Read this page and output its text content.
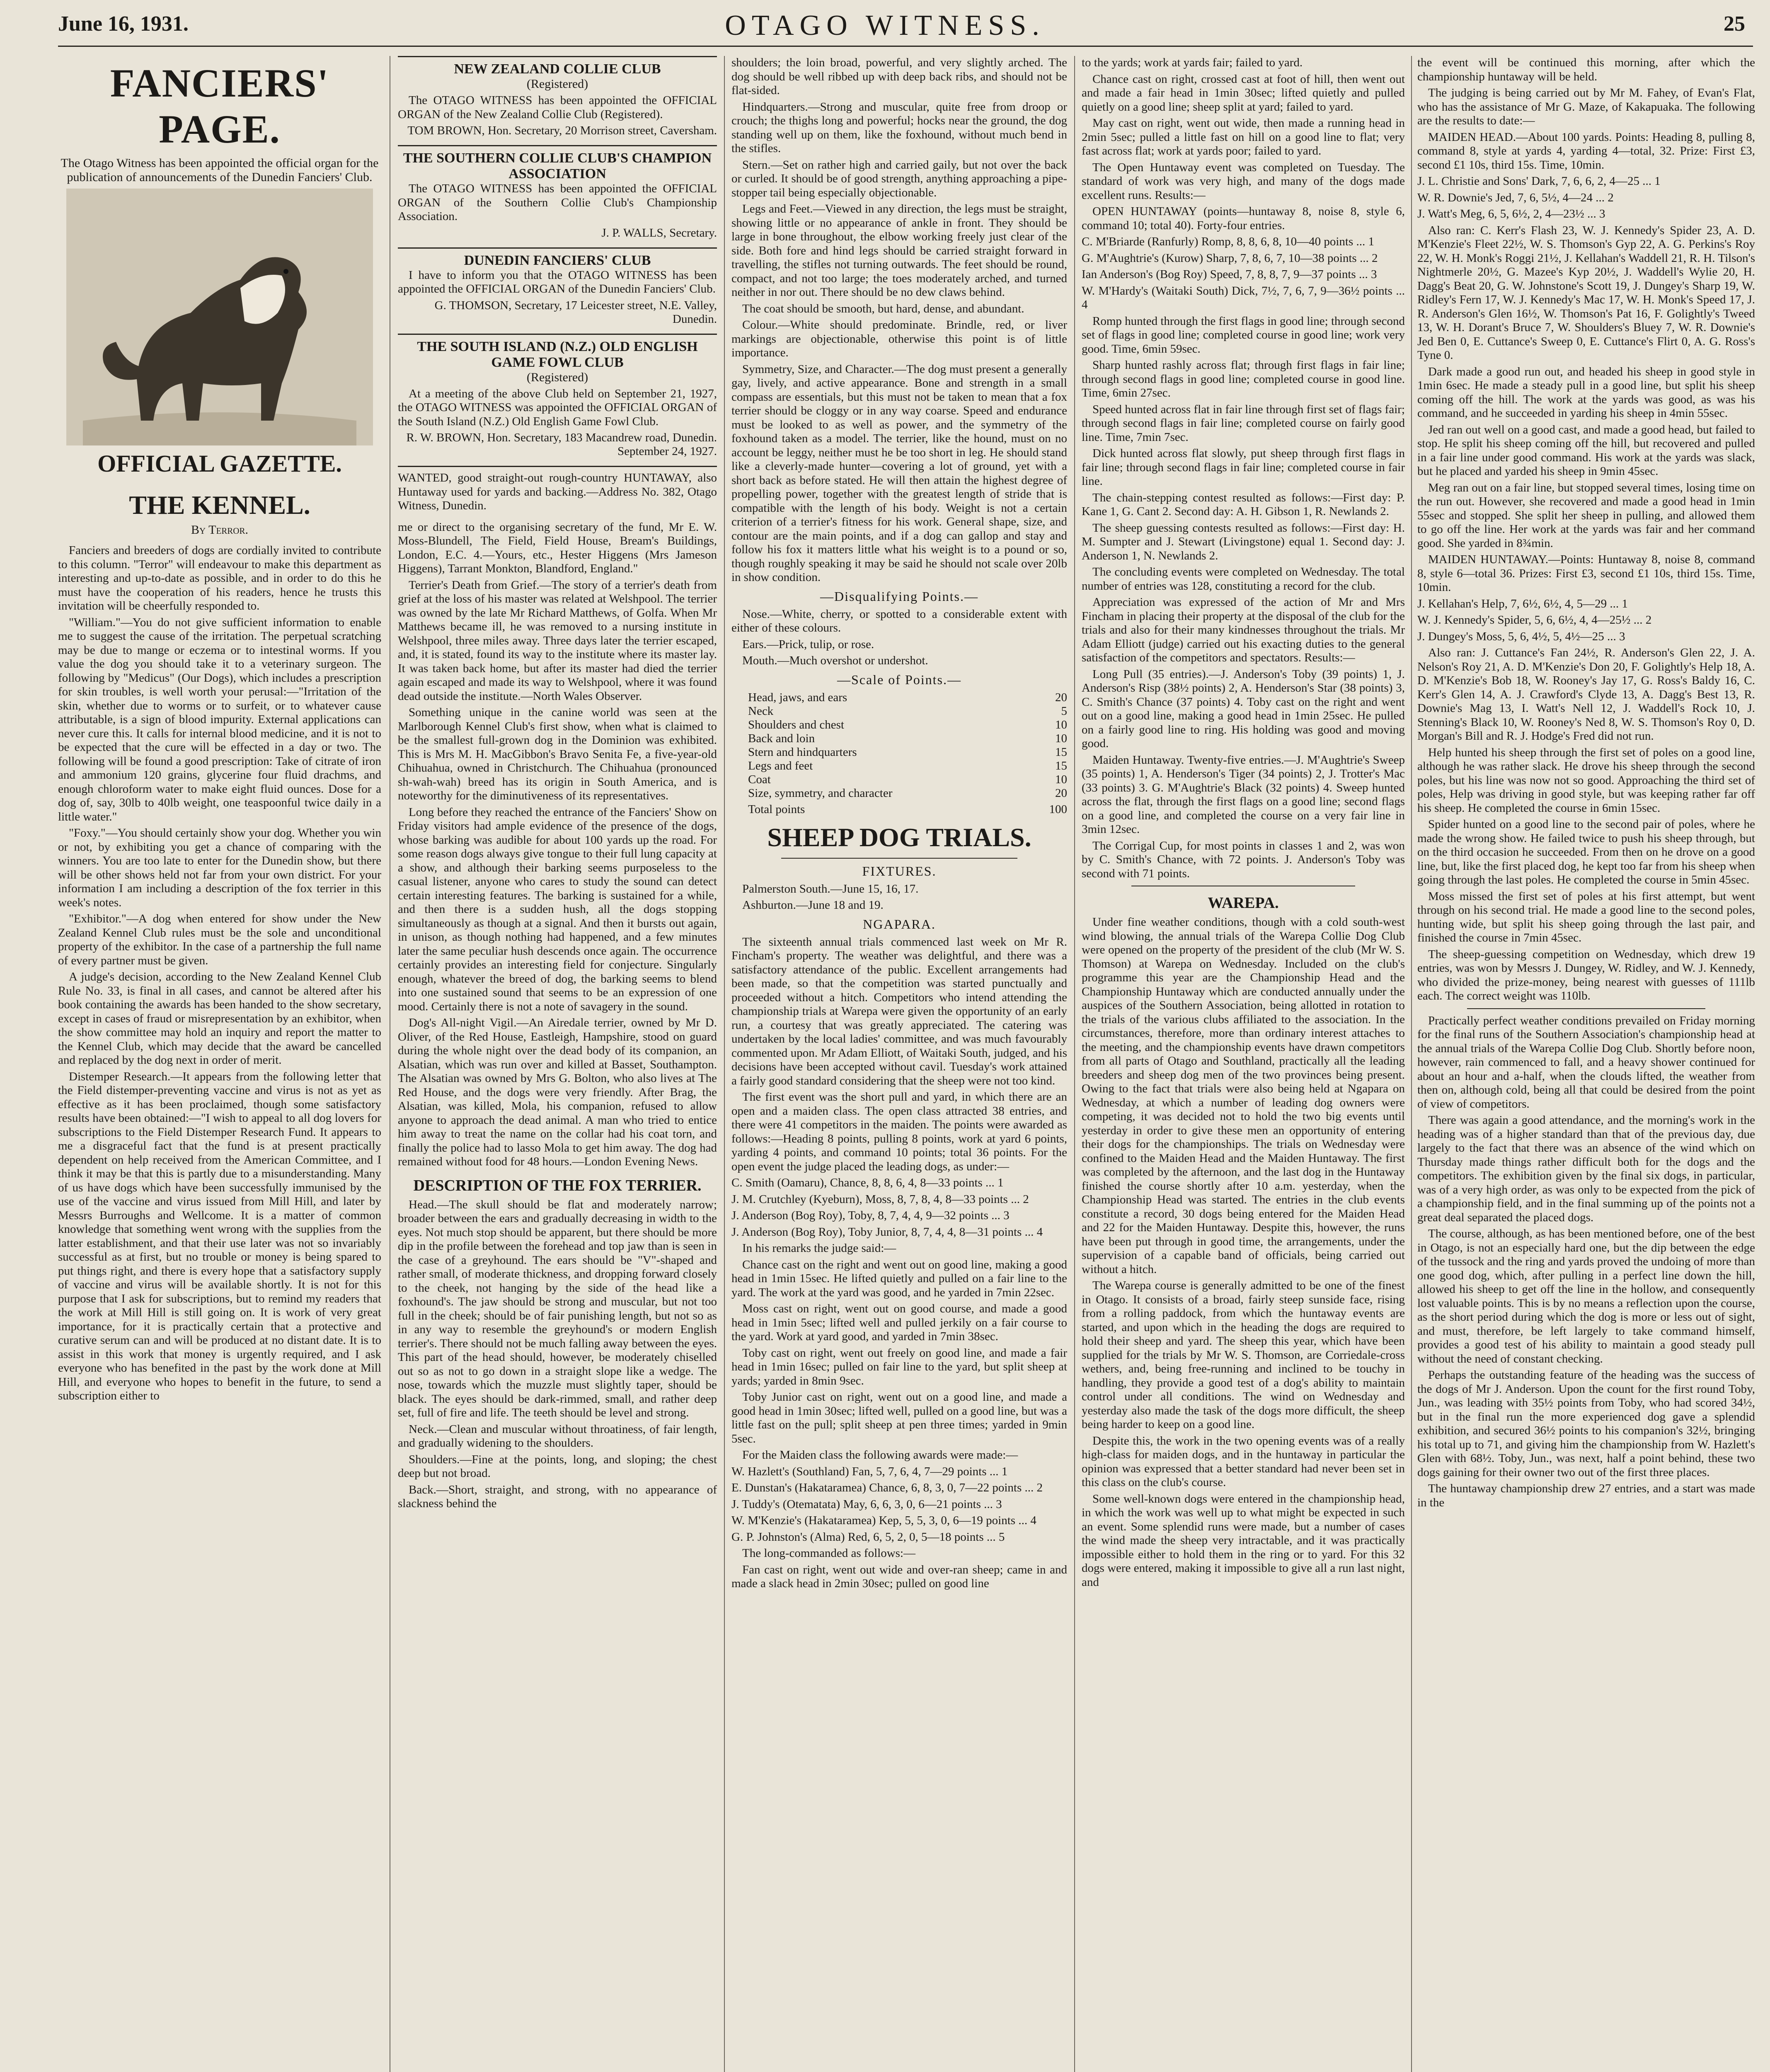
June 16, 1931.	OTAGO WITNESS.	25
FANCIERS' PAGE.
The Otago Witness has been appointed the official organ for the publication of announcements of the Dunedin Fanciers' Club.
OFFICIAL GAZETTE.
THE KENNEL.
By Terror.

Fanciers and breeders of dogs are cordially invited to contribute to this column. "Terror" will endeavour to make this department as interesting and up-to-date as possible, and in order to do this he must have the cooperation of his readers, hence he trusts this invitation will be cheerfully responded to.

"William."—You do not give sufficient information to enable me to suggest the cause of the irritation. The perpetual scratching may be due to mange or eczema or to intestinal worms. If you value the dog you should take it to a veterinary surgeon. The following by "Medicus" (Our Dogs), which includes a prescription for skin troubles, is well worth your perusal:—"Irritation of the skin, whether due to worms or to surfeit, or to whatever cause attributable, is a sign of blood impurity. External applications can never cure this. It calls for internal blood medicine, and it is not to be expected that the cure will be effected in a day or two. The following will be found a good prescription: Take of citrate of iron and ammonium 120 grains, glycerine four fluid drachms, and enough chloroform water to make eight fluid ounces. Dose for a dog of, say, 30lb to 40lb weight, one teaspoonful twice daily in a little water."

"Foxy."—You should certainly show your dog. Whether you win or not, by exhibiting you get a chance of comparing with the winners. You are too late to enter for the Dunedin show, but there will be other shows held not far from your own district. For your information I am including a description of the fox terrier in this week's notes.

"Exhibitor."—A dog when entered for show under the New Zealand Kennel Club rules must be the sole and unconditional property of the exhibitor. In the case of a partnership the full name of every partner must be given.

A judge's decision, according to the New Zealand Kennel Club Rule No. 33, is final in all cases, and cannot be altered after his book containing the awards has been handed to the show secretary, except in cases of fraud or misrepresentation by an exhibitor, when the show committee may hold an inquiry and report the matter to the Kennel Club, which may decide that the award be cancelled and replaced by the dog next in order of merit.

Distemper Research.—It appears from the following letter that the Field distemper-preventing vaccine and virus is not as yet as effective as it has been proclaimed, though some satisfactory results have been obtained:—"I wish to appeal to all dog lovers for subscriptions to the Field Distemper Research Fund. It appears to me a disgraceful fact that the fund is at present practically dependent on help received from the American Committee, and I think it may be that this is partly due to a misunderstanding. Many of us have dogs which have been successfully immunised by the use of the vaccine and virus issued from Mill Hill, and later by Messrs Burroughs and Wellcome. It is a matter of common knowledge that something went wrong with the supplies from the latter establishment, and that their use later was not so invariably successful as at first, but no trouble or money is being spared to put things right, and there is every hope that a satisfactory supply of vaccine and virus will be available shortly. It is not for this purpose that I ask for subscriptions, but to remind my readers that the work at Mill Hill is still going on. It is work of very great importance, for it is practically certain that a protective and curative serum can and will be produced at no distant date. It is to assist in this work that money is urgently required, and I ask everyone who has benefited in the past by the work done at Mill Hill, and everyone who hopes to benefit in the future, to send a subscription either to

NEW ZEALAND COLLIE CLUB
(Registered)

The OTAGO WITNESS has been appointed the OFFICIAL ORGAN of the New Zealand Collie Club (Registered).

TOM BROWN, Hon. Secretary, 20 Morrison street, Caversham.
THE SOUTHERN COLLIE CLUB'S CHAMPION ASSOCIATION

The OTAGO WITNESS has been appointed the OFFICIAL ORGAN of the Southern Collie Club's Championship Association.

J. P. WALLS, Secretary.
DUNEDIN FANCIERS' CLUB

I have to inform you that the OTAGO WITNESS has been appointed the OFFICIAL ORGAN of the Dunedin Fanciers' Club.

G. THOMSON, Secretary, 17 Leicester street, N.E. Valley, Dunedin.
THE SOUTH ISLAND (N.Z.) OLD ENGLISH GAME FOWL CLUB
(Registered)

At a meeting of the above Club held on September 21, 1927, the OTAGO WITNESS was appointed the OFFICIAL ORGAN of the South Island (N.Z.) Old English Game Fowl Club.

R. W. BROWN, Hon. Secretary, 183 Macandrew road, Dunedin. September 24, 1927.

WANTED, good straight-out rough-country HUNTAWAY, also Huntaway used for yards and backing.—Address No. 382, Otago Witness, Dunedin.

me or direct to the organising secretary of the fund, Mr E. W. Moss-Blundell, The Field, Field House, Bream's Buildings, London, E.C. 4.—Yours, etc., Hester Higgens (Mrs Jameson Higgens), Tarrant Monkton, Blandford, England."

Terrier's Death from Grief.—The story of a terrier's death from grief at the loss of his master was related at Welshpool. The terrier was owned by the late Mr Richard Matthews, of Golfa. When Mr Matthews became ill, he was removed to a nursing institute in Welshpool, three miles away. Three days later the terrier escaped, and, it is stated, found its way to the institute where its master lay. It was taken back home, but after its master had died the terrier again escaped and made its way to Welshpool, where it was found dead outside the institute.—North Wales Observer.

Something unique in the canine world was seen at the Marlborough Kennel Club's first show, when what is claimed to be the smallest full-grown dog in the Dominion was exhibited. This is Mrs M. H. MacGibbon's Bravo Senita Fe, a five-year-old Chihuahua, owned in Christchurch. The Chihuahua (pronounced sh-wah-wah) breed has its origin in South America, and is noteworthy for the diminutiveness of its representatives.

Long before they reached the entrance of the Fanciers' Show on Friday visitors had ample evidence of the presence of the dogs, whose barking was audible for about 100 yards up the road. For some reason dogs always give tongue to their full lung capacity at a show, and although their barking seems purposeless to the casual listener, anyone who cares to study the sound can detect certain interesting features. The barking is sustained for a while, and then there is a sudden hush, all the dogs stopping simultaneously as though at a signal. And then it bursts out again, in unison, as though nothing had happened, and a few minutes later the same peculiar hush descends once again. The occurrence certainly provides an interesting field for conjecture. Singularly enough, whatever the breed of dog, the barking seems to blend into one sustained sound that seems to be an expression of one mood. Certainly there is not a note of savagery in the sound.

Dog's All-night Vigil.—An Airedale terrier, owned by Mr D. Oliver, of the Red House, Eastleigh, Hampshire, stood on guard during the whole night over the dead body of its companion, an Alsatian, which was run over and killed at Basset, Southampton. The Alsatian was owned by Mrs G. Bolton, who also lives at The Red House, and the dogs were very friendly. After Brag, the Alsatian, was killed, Mola, his companion, refused to allow anyone to approach the dead animal. A man who tried to entice him away to treat the name on the collar had his coat torn, and finally the police had to lasso Mola to get him away. The dog had remained without food for 48 hours.—London Evening News.

DESCRIPTION OF THE FOX TERRIER.

Head.—The skull should be flat and moderately narrow; broader between the ears and gradually decreasing in width to the eyes. Not much stop should be apparent, but there should be more dip in the profile between the forehead and top jaw than is seen in the case of a greyhound. The ears should be "V"-shaped and rather small, of moderate thickness, and dropping forward closely to the cheek, not hanging by the side of the head like a foxhound's. The jaw should be strong and muscular, but not too full in the cheek; should be of fair punishing length, but not so as in any way to resemble the greyhound's or modern English terrier's. There should not be much falling away between the eyes. This part of the head should, however, be moderately chiselled out so as not to go down in a straight slope like a wedge. The nose, towards which the muzzle must slightly taper, should be black. The eyes should be dark-rimmed, small, and rather deep set, full of fire and life. The teeth should be level and strong.

Neck.—Clean and muscular without throatiness, of fair length, and gradually widening to the shoulders.

Shoulders.—Fine at the points, long, and sloping; the chest deep but not broad.

Back.—Short, straight, and strong, with no appearance of slackness behind the

shoulders; the loin broad, powerful, and very slightly arched. The dog should be well ribbed up with deep back ribs, and should not be flat-sided.

Hindquarters.—Strong and muscular, quite free from droop or crouch; the thighs long and powerful; hocks near the ground, the dog standing well up on them, like the foxhound, without much bend in the stifles.

Stern.—Set on rather high and carried gaily, but not over the back or curled. It should be of good strength, anything approaching a pipe-stopper tail being especially objectionable.

Legs and Feet.—Viewed in any direction, the legs must be straight, showing little or no appearance of ankle in front. They should be large in bone throughout, the elbow working freely just clear of the side. Both fore and hind legs should be carried straight forward in travelling, the stifles not turning outwards. The feet should be round, compact, and not too large; the toes moderately arched, and turned neither in nor out. There should be no dew claws behind.

The coat should be smooth, but hard, dense, and abundant.

Colour.—White should predominate. Brindle, red, or liver markings are objectionable, otherwise this point is of little importance.

Symmetry, Size, and Character.—The dog must present a generally gay, lively, and active appearance. Bone and strength in a small compass are essentials, but this must not be taken to mean that a fox terrier should be cloggy or in any way coarse. Speed and endurance must be looked to as well as power, and the symmetry of the foxhound taken as a model. The terrier, like the hound, must on no account be leggy, neither must he be too short in leg. He should stand like a cleverly-made hunter—covering a lot of ground, yet with a short back as before stated. He will then attain the highest degree of propelling power, together with the greatest length of stride that is compatible with the length of his body. Weight is not a certain criterion of a terrier's fitness for his work. General shape, size, and contour are the main points, and if a dog can gallop and stay and follow his fox it matters little what his weight is to a pound or so, though roughly speaking it may be said he should not scale over 20lb in show condition.

—Disqualifying Points.—

Nose.—White, cherry, or spotted to a considerable extent with either of these colours.

Ears.—Prick, tulip, or rose.

Mouth.—Much overshot or undershot.

—Scale of Points.—
Head, jaws, and ears	20
Neck	5
Shoulders and chest	10
Back and loin	10
Stern and hindquarters	15
Legs and feet	15
Coat	10
Size, symmetry, and character	20
Total points	100
SHEEP DOG TRIALS.
FIXTURES.

Palmerston South.—June 15, 16, 17.

Ashburton.—June 18 and 19.

NGAPARA.

The sixteenth annual trials commenced last week on Mr R. Fincham's property. The weather was delightful, and there was a satisfactory attendance of the public. Excellent arrangements had been made, so that the competition was started punctually and proceeded without a hitch. Competitors who intend attending the championship trials at Warepa were given the opportunity of an early run, a courtesy that was greatly appreciated. The catering was undertaken by the local ladies' committee, and was much favourably commented upon. Mr Adam Elliott, of Waitaki South, judged, and his decisions have been accepted without cavil. Tuesday's work attained a fairly good standard considering that the sheep were not too kind.

The first event was the short pull and yard, in which there are an open and a maiden class. The open class attracted 38 entries, and there were 41 competitors in the maiden. The points were awarded as follows:—Heading 8 points, pulling 8 points, work at yard 6 points, yarding 4 points, and command 10 points; total 36 points. For the open event the judge placed the leading dogs, as under:—

C. Smith (Oamaru), Chance, 8, 8, 6, 4, 8—33 points ... 1

J. M. Crutchley (Kyeburn), Moss, 8, 7, 8, 4, 8—33 points ... 2

J. Anderson (Bog Roy), Toby, 8, 7, 4, 4, 9—32 points ... 3

J. Anderson (Bog Roy), Toby Junior, 8, 7, 4, 4, 8—31 points ... 4

In his remarks the judge said:—

Chance cast on the right and went out on good line, making a good head in 1min 15sec. He lifted quietly and pulled on a fair line to the yard. The work at the yard was good, and he yarded in 7min 22sec.

Moss cast on right, went out on good course, and made a good head in 1min 5sec; lifted well and pulled jerkily on a fair course to the yard. Work at yard good, and yarded in 7min 38sec.

Toby cast on right, went out freely on good line, and made a fair head in 1min 16sec; pulled on fair line to the yard, but split sheep at yards; yarded in 8min 9sec.

Toby Junior cast on right, went out on a good line, and made a good head in 1min 30sec; lifted well, pulled on a good line, but was a little fast on the pull; split sheep at pen three times; yarded in 9min 5sec.

For the Maiden class the following awards were made:—

W. Hazlett's (Southland) Fan, 5, 7, 6, 4, 7—29 points ... 1

E. Dunstan's (Hakataramea) Chance, 6, 8, 3, 0, 7—22 points ... 2

J. Tuddy's (Otematata) May, 6, 6, 3, 0, 6—21 points ... 3

W. M'Kenzie's (Hakataramea) Kep, 5, 5, 3, 0, 6—19 points ... 4

G. P. Johnston's (Alma) Red, 6, 5, 2, 0, 5—18 points ... 5

The long-commanded as follows:—

Fan cast on right, went out wide and over-ran sheep; came in and made a slack head in 2min 30sec; pulled on good line

to the yards; work at yards fair; failed to yard.

Chance cast on right, crossed cast at foot of hill, then went out and made a fair head in 1min 30sec; lifted quietly and pulled quietly on a good line; sheep split at yard; failed to yard.

May cast on right, went out wide, then made a running head in 2min 5sec; pulled a little fast on hill on a good line to flat; very fast across flat; work at yards poor; failed to yard.

The Open Huntaway event was completed on Tuesday. The standard of work was very high, and many of the dogs made excellent runs. Results:—

OPEN HUNTAWAY (points—huntaway 8, noise 8, style 6, command 10; total 40). Forty-four entries.

C. M'Briarde (Ranfurly) Romp, 8, 8, 6, 8, 10—40 points ... 1

G. M'Aughtrie's (Kurow) Sharp, 7, 8, 6, 7, 10—38 points ... 2

Ian Anderson's (Bog Roy) Speed, 7, 8, 8, 7, 9—37 points ... 3

W. M'Hardy's (Waitaki South) Dick, 7½, 7, 6, 7, 9—36½ points ... 4

Romp hunted through the first flags in good line; through second set of flags in good line; completed course in good line; work very good. Time, 6min 59sec.

Sharp hunted rashly across flat; through first flags in fair line; through second flags in good line; completed course in good line. Time, 6min 27sec.

Speed hunted across flat in fair line through first set of flags fair; through second flags in fair line; completed course on fairly good line. Time, 7min 7sec.

Dick hunted across flat slowly, put sheep through first flags in fair line; through second flags in fair line; completed course in fair line.

The chain-stepping contest resulted as follows:—First day: P. Kane 1, G. Cant 2. Second day: A. H. Gibson 1, R. Newlands 2.

The sheep guessing contests resulted as follows:—First day: H. M. Sumpter and J. Stewart (Livingstone) equal 1. Second day: J. Anderson 1, N. Newlands 2.

The concluding events were completed on Wednesday. The total number of entries was 128, constituting a record for the club.

Appreciation was expressed of the action of Mr and Mrs Fincham in placing their property at the disposal of the club for the trials and also for their many kindnesses throughout the trials. Mr Adam Elliott (judge) carried out his exacting duties to the general satisfaction of the competitors and spectators. Results:—

Long Pull (35 entries).—J. Anderson's Toby (39 points) 1, J. Anderson's Risp (38½ points) 2, A. Henderson's Star (38 points) 3, C. Smith's Chance (37 points) 4. Toby cast on the right and went out on a good line, making a good head in 1min 25sec. He pulled on a fairly good line to ring. His holding was good and moving good.

Maiden Huntaway. Twenty-five entries.—J. M'Aughtrie's Sweep (35 points) 1, A. Henderson's Tiger (34 points) 2, J. Trotter's Mac (33 points) 3. G. M'Aughtrie's Black (32 points) 4. Sweep hunted across the flat, through the first flags on a good line; second flags on a good line, and completed the course on a very fair line in 3min 12sec.

The Corrigal Cup, for most points in classes 1 and 2, was won by C. Smith's Chance, with 72 points. J. Anderson's Toby was second with 71 points.

WAREPA.

Under fine weather conditions, though with a cold south-west wind blowing, the annual trials of the Warepa Collie Dog Club were opened on the property of the president of the club (Mr W. S. Thomson) at Warepa on Wednesday. Included on the club's programme this year are the Championship Head and the Championship Huntaway which are conducted annually under the auspices of the Southern Association, being allotted in rotation to the trials of the various clubs affiliated to the association. In the circumstances, therefore, more than ordinary interest attaches to the meeting, and the championship events have drawn competitors from all parts of Otago and Southland, practically all the leading breeders and sheep dog men of the two provinces being present. Owing to the fact that trials were also being held at Ngapara on Wednesday, at which a number of leading dog owners were competing, it was decided not to hold the two big events until yesterday in order to give these men an opportunity of entering their dogs for the championships. The trials on Wednesday were confined to the Maiden Head and the Maiden Huntaway. The first was completed by the afternoon, and the last dog in the Huntaway finished the course shortly after 10 a.m. yesterday, when the Championship Head was started. The entries in the club events constitute a record, 30 dogs being entered for the Maiden Head and 22 for the Maiden Huntaway. Despite this, however, the runs have been put through in good time, the arrangements, under the supervision of a capable band of officials, being carried out without a hitch.

The Warepa course is generally admitted to be one of the finest in Otago. It consists of a broad, fairly steep sunside face, rising from a rolling paddock, from which the huntaway events are started, and upon which in the heading the dogs are required to hold their sheep and yard. The sheep this year, which have been supplied for the trials by Mr W. S. Thomson, are Corriedale-cross wethers, and, being free-running and inclined to be touchy in handling, they provide a good test of a dog's ability to maintain control under all conditions. The wind on Wednesday and yesterday also made the task of the dogs more difficult, the sheep being harder to keep on a good line.

Despite this, the work in the two opening events was of a really high-class for maiden dogs, and in the huntaway in particular the opinion was expressed that a better standard had never been set in this class on the club's course.

Some well-known dogs were entered in the championship head, in which the work was well up to what might be expected in such an event. Some splendid runs were made, but a number of cases the wind made the sheep very intractable, and it was practically impossible either to hold them in the ring or to yard. For this 32 dogs were entered, making it impossible to give all a run last night, and

the event will be continued this morning, after which the championship huntaway will be held.

The judging is being carried out by Mr M. Fahey, of Evan's Flat, who has the assistance of Mr G. Maze, of Kakapuaka. The following are the results to date:—

MAIDEN HEAD.—About 100 yards. Points: Heading 8, pulling 8, command 8, style at yards 4, yarding 4—total, 32. Prize: First £3, second £1 10s, third 15s. Time, 10min.

J. L. Christie and Sons' Dark, 7, 6, 6, 2, 4—25 ... 1

W. R. Downie's Jed, 7, 6, 5½, 4—24 ... 2

J. Watt's Meg, 6, 5, 6½, 2, 4—23½ ... 3

Also ran: C. Kerr's Flash 23, W. J. Kennedy's Spider 23, A. D. M'Kenzie's Fleet 22½, W. S. Thomson's Gyp 22, A. G. Perkins's Roy 22, W. H. Monk's Roggi 21½, J. Kellahan's Waddell 21, R. H. Tilson's Nightmerle 20½, G. Mazee's Kyp 20½, J. Waddell's Wylie 20, H. Dagg's Beat 20, G. W. Johnstone's Scott 19, J. Dungey's Sharp 19, W. Ridley's Fern 17, W. J. Kennedy's Mac 17, W. H. Monk's Speed 17, J. R. Anderson's Glen 16½, W. Thomson's Pat 16, F. Golightly's Tweed 13, W. H. Dorant's Bruce 7, W. Shoulders's Bluey 7, W. R. Downie's Jed Ben 0, E. Cuttance's Sweep 0, E. Cuttance's Flirt 0, A. G. Ross's Tyne 0.

Dark made a good run out, and headed his sheep in good style in 1min 6sec. He made a steady pull in a good line, but split his sheep coming off the hill. The work at the yards was good, as was his command, and he succeeded in yarding his sheep in 4min 55sec.

Jed ran out well on a good cast, and made a good head, but failed to stop. He split his sheep coming off the hill, but recovered and pulled in a fair line under good command. His work at the yards was slack, but he placed and yarded his sheep in 9min 45sec.

Meg ran out on a fair line, but stopped several times, losing time on the run out. However, she recovered and made a good head in 1min 55sec and stopped. She split her sheep in pulling, and allowed them to go off the line. Her work at the yards was fair and her command good. She yarded in 8¾min.

MAIDEN HUNTAWAY.—Points: Huntaway 8, noise 8, command 8, style 6—total 36. Prizes: First £3, second £1 10s, third 15s. Time, 10min.

J. Kellahan's Help, 7, 6½, 6½, 4, 5—29 ... 1

W. J. Kennedy's Spider, 5, 6, 6½, 4, 4—25½ ... 2

J. Dungey's Moss, 5, 6, 4½, 5, 4½—25 ... 3

Also ran: J. Cuttance's Fan 24½, R. Anderson's Glen 22, J. A. Nelson's Roy 21, A. D. M'Kenzie's Don 20, F. Golightly's Help 18, A. D. M'Kenzie's Bob 18, W. Rooney's Jay 17, G. Ross's Baldy 16, C. Kerr's Glen 14, A. J. Crawford's Clyde 13, A. Dagg's Best 13, R. Downie's Mag 13, I. Watt's Nell 12, J. Waddell's Rock 10, J. Stenning's Black 10, W. Rooney's Ned 8, W. S. Thomson's Roy 0, D. Morgan's Bill and R. J. Hodge's Fred did not run.

Help hunted his sheep through the first set of poles on a good line, although he was rather slack. He drove his sheep through the second poles, but his line was now not so good. Approaching the third set of poles, Help was driving in good style, but was keeping rather far off his sheep. He completed the course in 6min 15sec.

Spider hunted on a good line to the second pair of poles, where he made the wrong show. He failed twice to push his sheep through, but on the third occasion he succeeded. From then on he drove on a good line, but, like the first placed dog, he kept too far from his sheep when going through the last poles. He completed the course in 5min 45sec.

Moss missed the first set of poles at his first attempt, but went through on his second trial. He made a good line to the second poles, hunting wide, but split his sheep going through the last pair, and finished the course in 7min 45sec.

The sheep-guessing competition on Wednesday, which drew 19 entries, was won by Messrs J. Dungey, W. Ridley, and W. J. Kennedy, who divided the prize-money, being nearest with guesses of 111lb each. The correct weight was 110lb.

Practically perfect weather conditions prevailed on Friday morning for the final runs of the Southern Association's championship head at the annual trials of the Warepa Collie Dog Club. Shortly before noon, however, rain commenced to fall, and a heavy shower continued for about an hour and a-half, when the clouds lifted, the weather from then on, although cold, being all that could be desired from the point of view of competitors.

There was again a good attendance, and the morning's work in the heading was of a higher standard than that of the previous day, due largely to the fact that there was an absence of the wind which on Thursday made things rather difficult both for the dogs and the competitors. The exhibition given by the final six dogs, in particular, was of a very high order, as was only to be expected from the pick of a championship field, and in the final summing up of the points not a great deal separated the placed dogs.

The course, although, as has been mentioned before, one of the best in Otago, is not an especially hard one, but the dip between the edge of the tussock and the ring and yards proved the undoing of more than one good dog, which, after pulling in a perfect line down the hill, allowed his sheep to get off the line in the hollow, and consequently lost valuable points. This is by no means a reflection upon the course, as the short period during which the dog is more or less out of sight, and must, therefore, be left largely to take command himself, provides a good test of his ability to maintain a good steady pull without the need of constant checking.

Perhaps the outstanding feature of the heading was the success of the dogs of Mr J. Anderson. Upon the count for the first round Toby, Jun., was leading with 35½ points from Toby, who had scored 34½, but in the final run the more experienced dog gave a splendid exhibition, and secured 36½ points to his companion's 32½, bringing his total up to 71, and giving him the championship from W. Hazlett's Glen with 68½. Toby, Jun., was next, half a point behind, these two dogs gaining for their owner two out of the first three places.

The huntaway championship drew 27 entries, and a start was made in the
